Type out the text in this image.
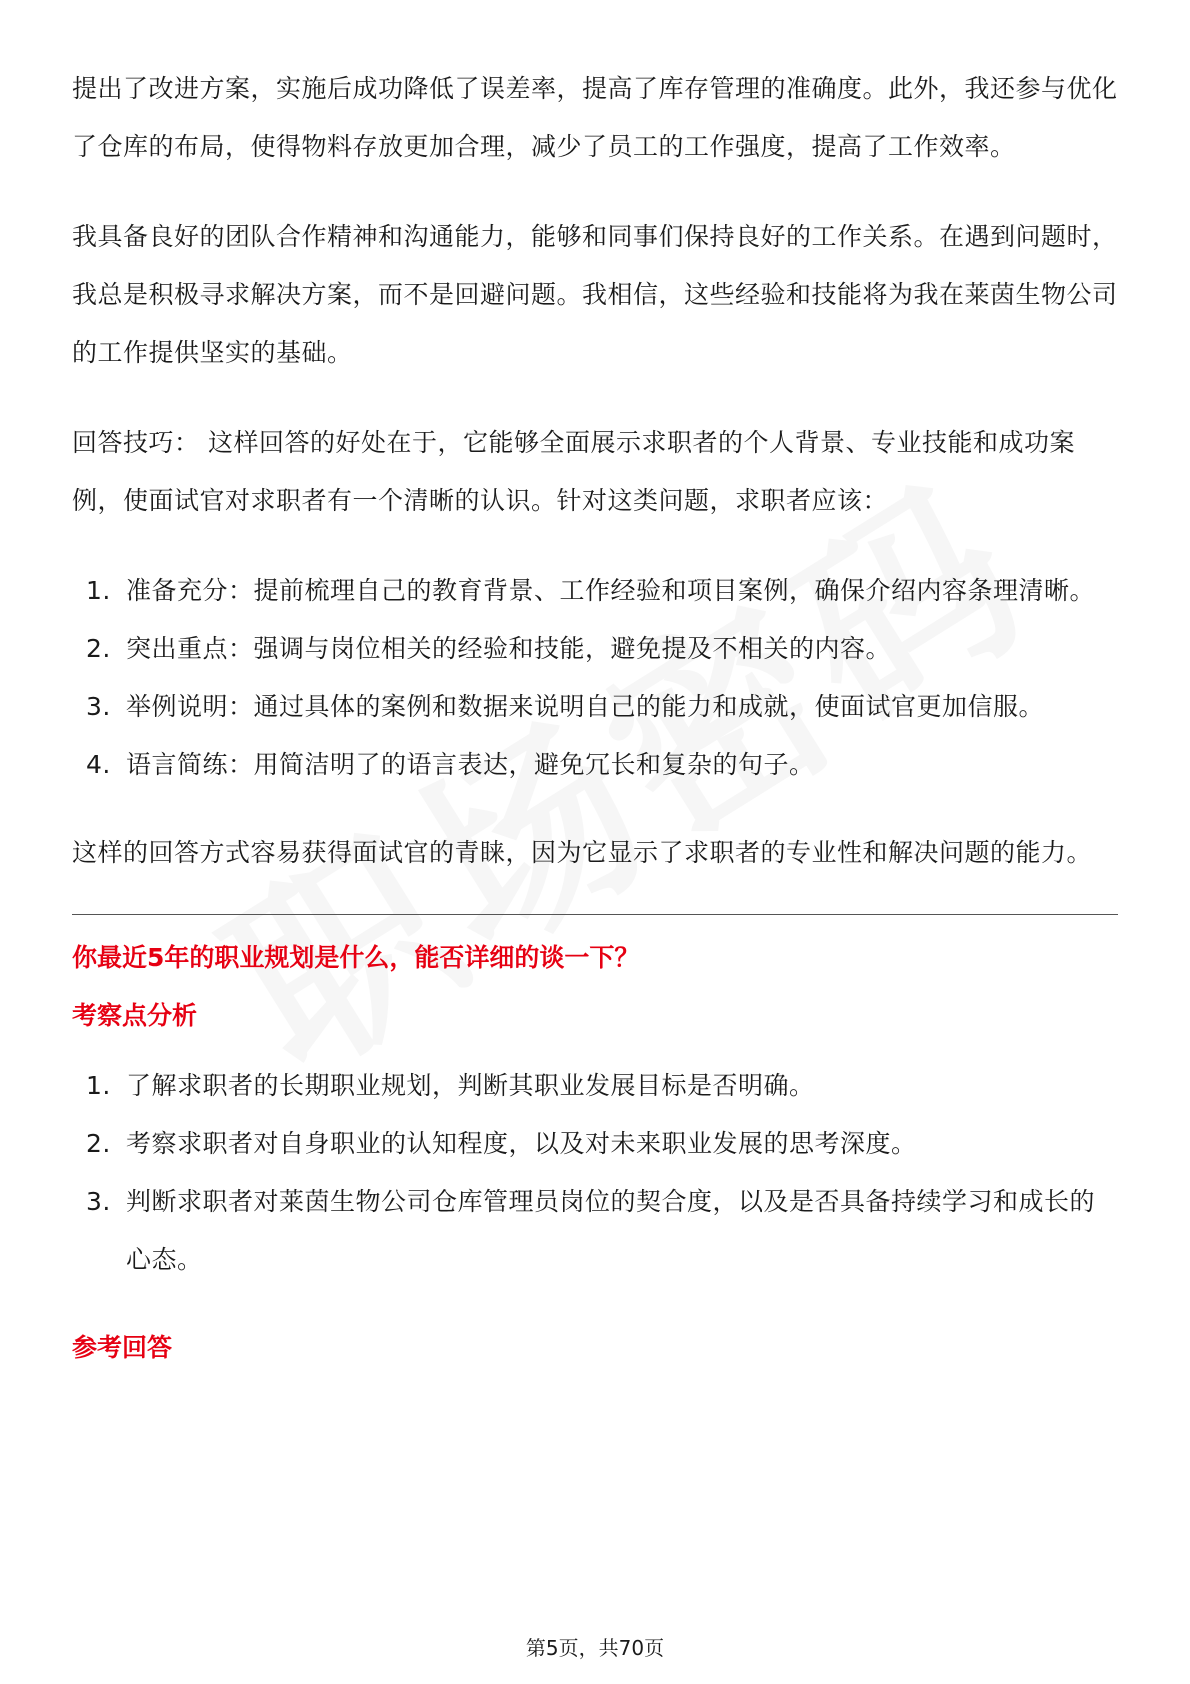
提出了改进方案，实施后成功降低了误差率，提高了库存管理的准确度。此外，我还参与优化了仓库的布局，使得物料存放更加合理，减少了员工的工作强度，提高了工作效率。

我具备良好的团队合作精神和沟通能力，能够和同事们保持良好的工作关系。在遇到问题时，我总是积极寻求解决方案，而不是回避问题。我相信，这些经验和技能将为我在莱茵生物公司的工作提供坚实的基础。

回答技巧： 这样回答的好处在于，它能够全面展示求职者的个人背景、专业技能和成功案例，使面试官对求职者有一个清晰的认识。针对这类问题，求职者应该：

1. 准备充分：提前梳理自己的教育背景、工作经验和项目案例，确保介绍内容条理清晰。
2. 突出重点：强调与岗位相关的经验和技能，避免提及不相关的内容。
3. 举例说明：通过具体的案例和数据来说明自己的能力和成就，使面试官更加信服。
4. 语言简练：用简洁明了的语言表达，避免冗长和复杂的句子。

这样的回答方式容易获得面试官的青睐，因为它显示了求职者的专业性和解决问题的能力。

你最近5年的职业规划是什么，能否详细的谈一下？
考察点分析
1. 了解求职者的长期职业规划，判断其职业发展目标是否明确。
2. 考察求职者对自身职业的认知程度，以及对未来职业发展的思考深度。
3. 判断求职者对莱茵生物公司仓库管理员岗位的契合度，以及是否具备持续学习和成长的心态。
参考回答
第5页，共70页
